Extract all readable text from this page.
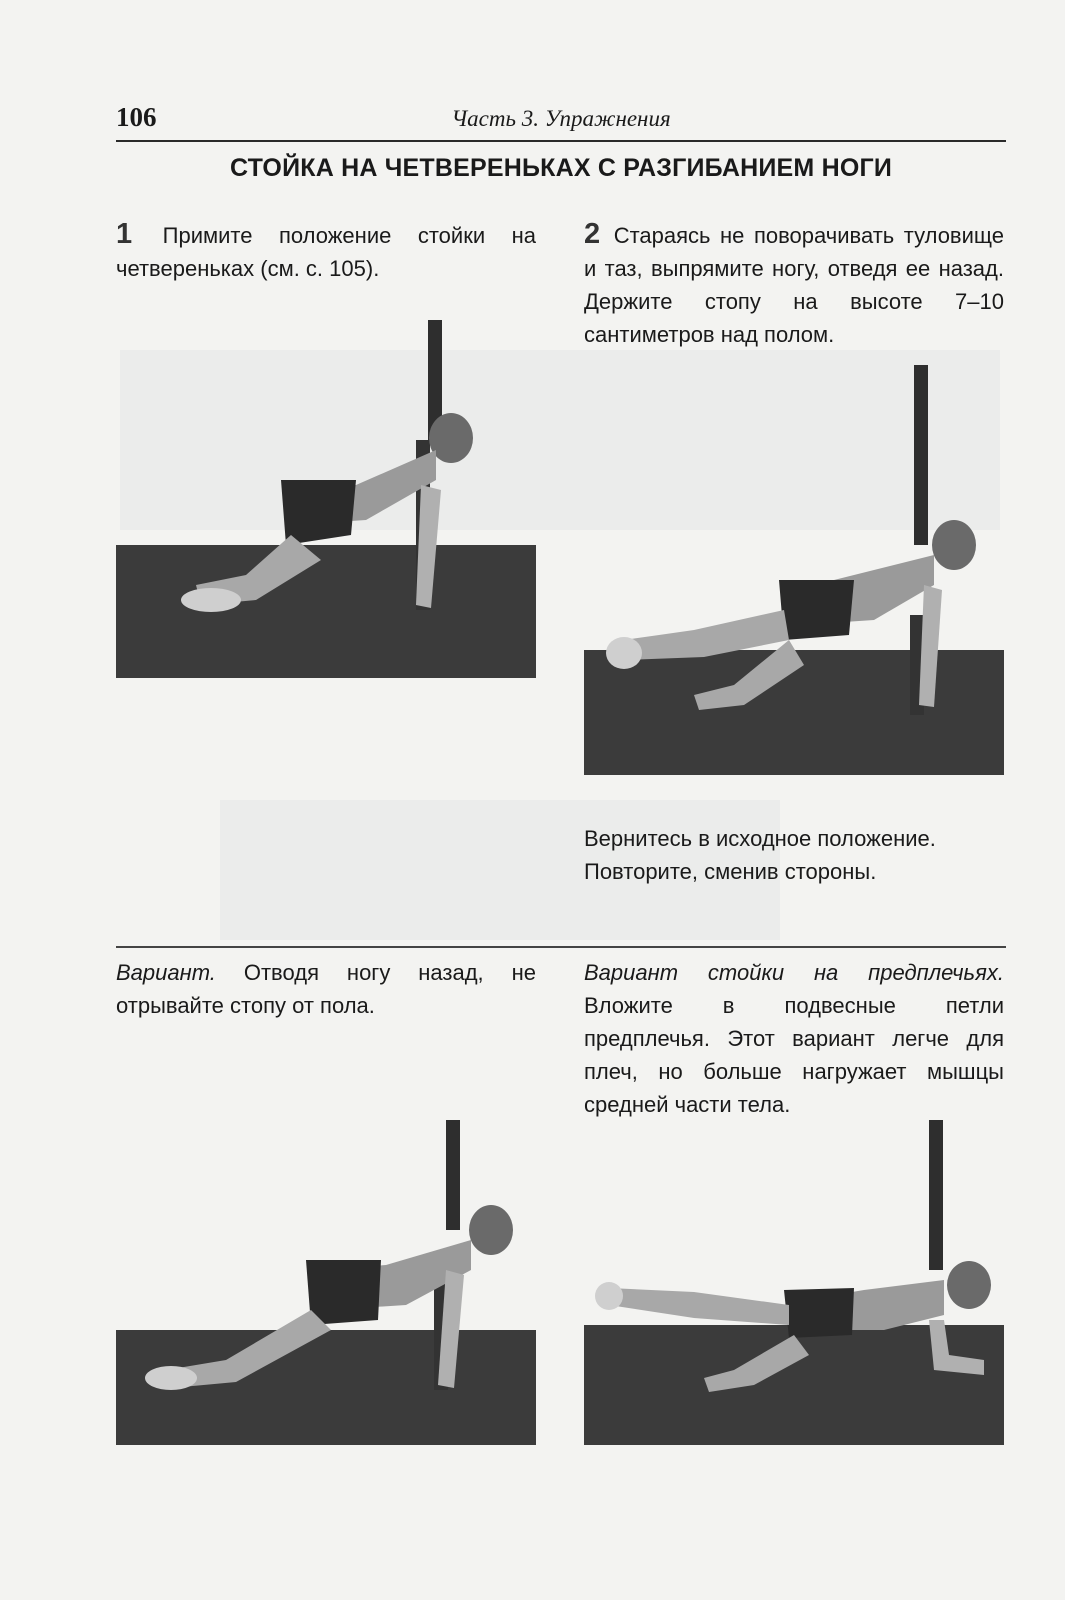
106	Часть 3. Упражнения
СТОЙКА НА ЧЕТВЕРЕНЬКАХ С РАЗГИБАНИЕМ НОГИ
1 Примите положение стойки на четвереньках (см. с. 105).
2 Стараясь не поворачивать туловище и таз, выпрямите ногу, отведя ее назад. Держите стопу на высоте 7–10 сантиметров над полом.
Вернитесь в исходное положение. Повторите, сменив стороны.
Вариант. Отводя ногу назад, не отрывайте стопу от пола.
Вариант стойки на предплечьях. Вложите в подвесные петли предплечья. Этот вариант легче для плеч, но больше нагружает мышцы средней части тела.
